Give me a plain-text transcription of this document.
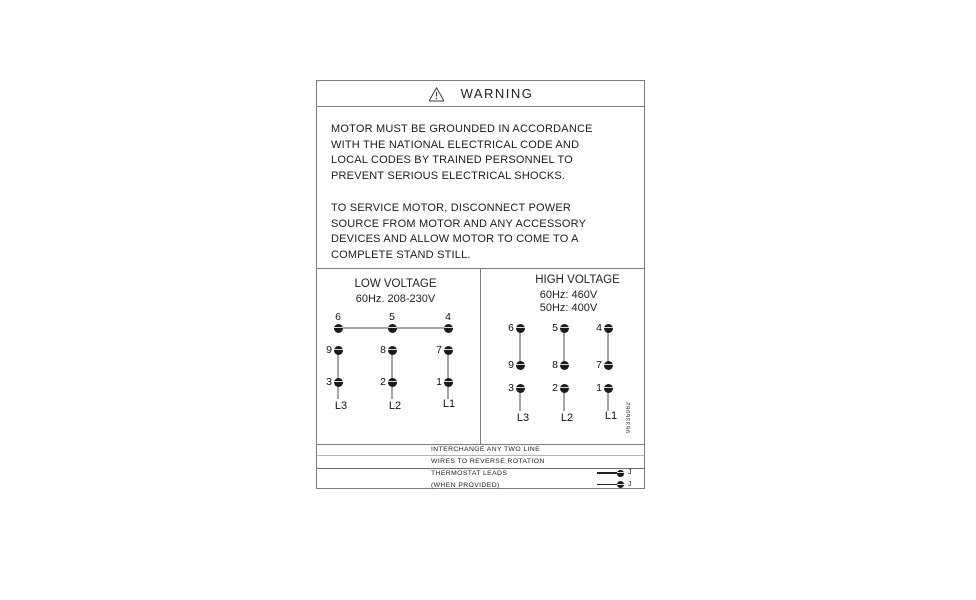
WARNING
MOTOR MUST BE GROUNDED IN ACCORDANCE
WITH THE NATIONAL ELECTRICAL CODE AND
LOCAL CODES BY TRAINED PERSONNEL TO
PREVENT SERIOUS ELECTRICAL SHOCKS.
TO SERVICE MOTOR, DISCONNECT POWER
SOURCE FROM MOTOR AND ANY ACCESSORY
DEVICES AND ALLOW MOTOR TO COME TO A
COMPLETE STAND STILL.
LOW VOLTAGE
60Hz. 208-230V
6	5	4
9	8	7
3	2	1
L3	L2	L1
HIGH VOLTAGE
60Hz: 460V
50Hz: 400V
6	5	4
9	8	7
3	2	1
L3	L2	L1 96336962
INTERCHANGE ANY TWO LINE
WIRES TO REVERSE ROTATION
THERMOSTAT LEADS
(WHEN PROVIDED)
J
J
